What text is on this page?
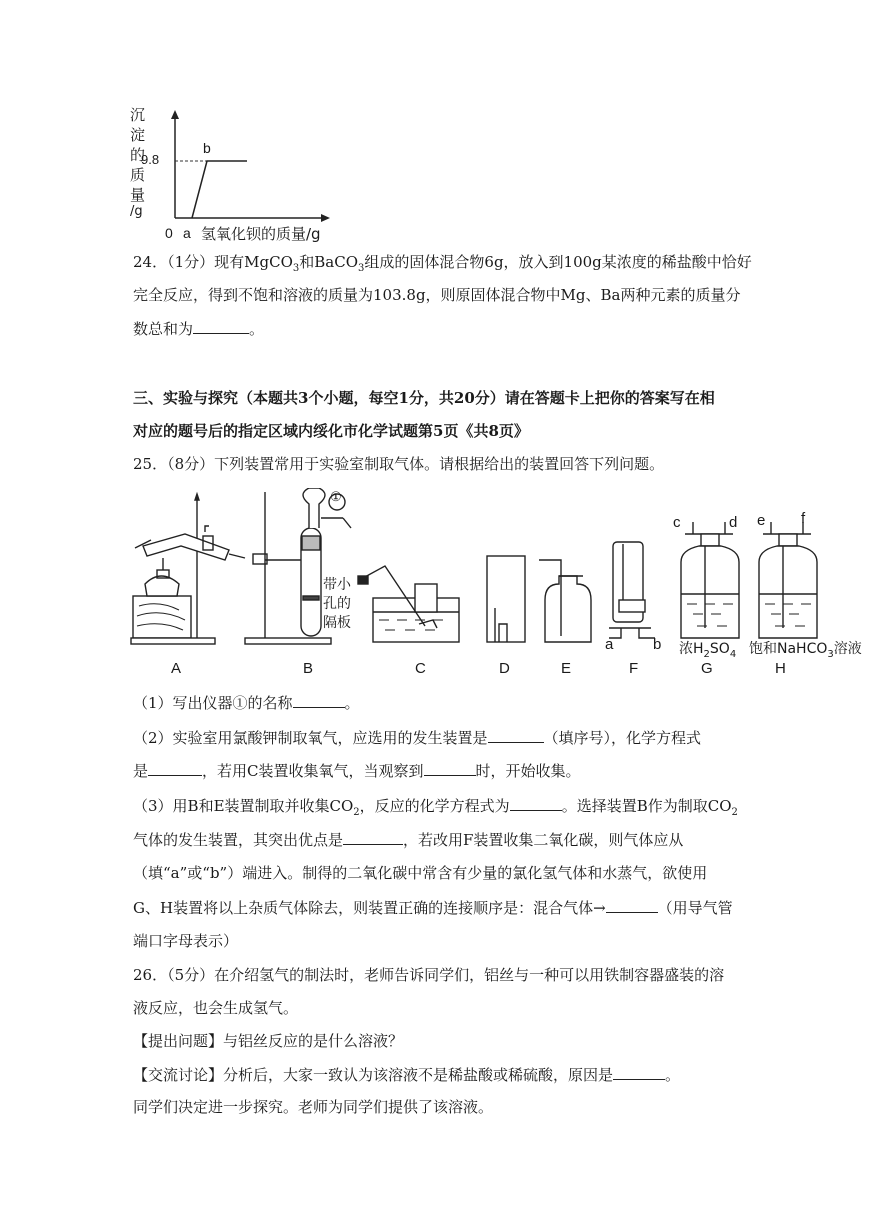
沉
淀
的
质
量
/g
9.8
b
0 a 氢氧化钡的质量/g
24．（1分）现有MgCO$_3$和BaCO$_3$组成的固体混合物6g，放入到100g某浓度的稀盐酸中恰好
完全反应，得到不饱和溶液的质量为103.8g，则原固体混合物中Mg、Ba两种元素的质量分
数总和为	。
三、实验与探究（本题共3个小题，每空1分，共20分）请在答题卡上把你的答案写在相
对应的题号后的指定区域内绥化市化学试题第5页《共8页》
25．（8分）下列装置常用于实验室制取气体。请根据给出的装置回答下列问题。
①
带小
孔的
隔板
a	b
c	d e f
浓$H_2SO_4$ 饱和NaHCO$_3$溶液
A	B	C	D	E	F	G	H
（1）写出仪器①的名称	。
（2）实验室用氯酸钾制取氧气，应选用的发生装置是	（填序号），化学方程式
是	，若用C装置收集氧气，当观察到	时，开始收集。
（3）用B和E装置制取并收集$CO_2$，反应的化学方程式为	。选择装置B作为制取$CO_2$
气体的发生装置，其突出优点是	，若改用F装置收集二氧化碳，则气体应从
（填“a”或“b”）端进入。制得的二氧化碳中常含有少量的氯化氢气体和水蒸气，欲使用
G、H装置将以上杂质气体除去，则装置正确的连接顺序是：混合气体→	（用导气管
端口字母表示）
26．（5分）在介绍氢气的制法时，老师告诉同学们，铝丝与一种可以用铁制容器盛装的溶
液反应，也会生成氢气。
【提出问题】与铝丝反应的是什么溶液？
【交流讨论】分析后，大家一致认为该溶液不是稀盐酸或稀硫酸，原因是	。
同学们决定进一步探究。老师为同学们提供了该溶液。
